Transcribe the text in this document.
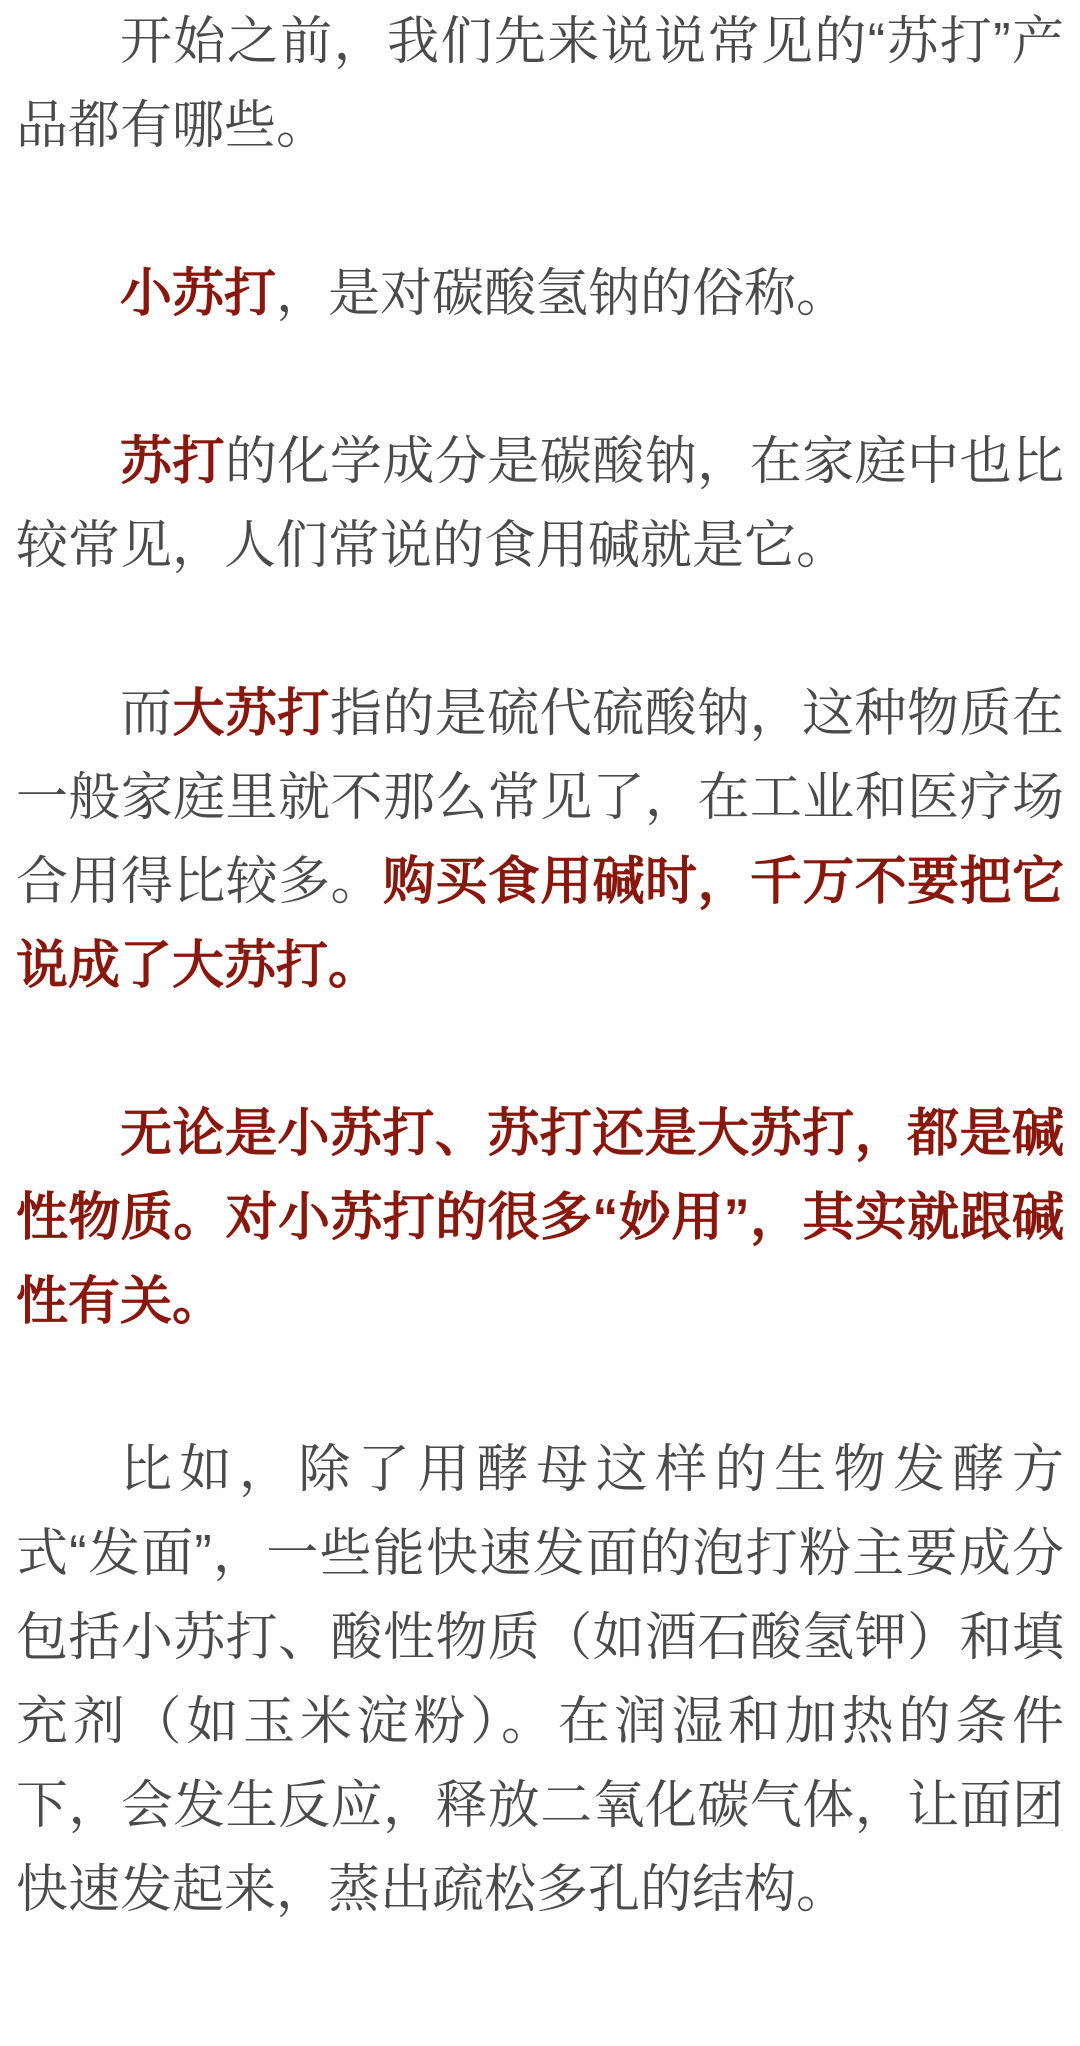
开始之前，我们先来说说常见的“苏打”产品都有哪些。

小苏打，是对碳酸氢钠的俗称。

苏打的化学成分是碳酸钠，在家庭中也比较常见，人们常说的食用碱就是它。

而大苏打指的是硫代硫酸钠，这种物质在一般家庭里就不那么常见了，在工业和医疗场合用得比较多。购买食用碱时，千万不要把它说成了大苏打。

无论是小苏打、苏打还是大苏打，都是碱性物质。对小苏打的很多“妙用”，其实就跟碱性有关。

比如，除了用酵母这样的生物发酵方式“发面”，一些能快速发面的泡打粉主要成分包括小苏打、酸性物质（如酒石酸氢钾）和填充剂（如玉米淀粉）。在润湿和加热的条件下，会发生反应，释放二氧化碳气体，让面团快速发起来，蒸出疏松多孔的结构。
